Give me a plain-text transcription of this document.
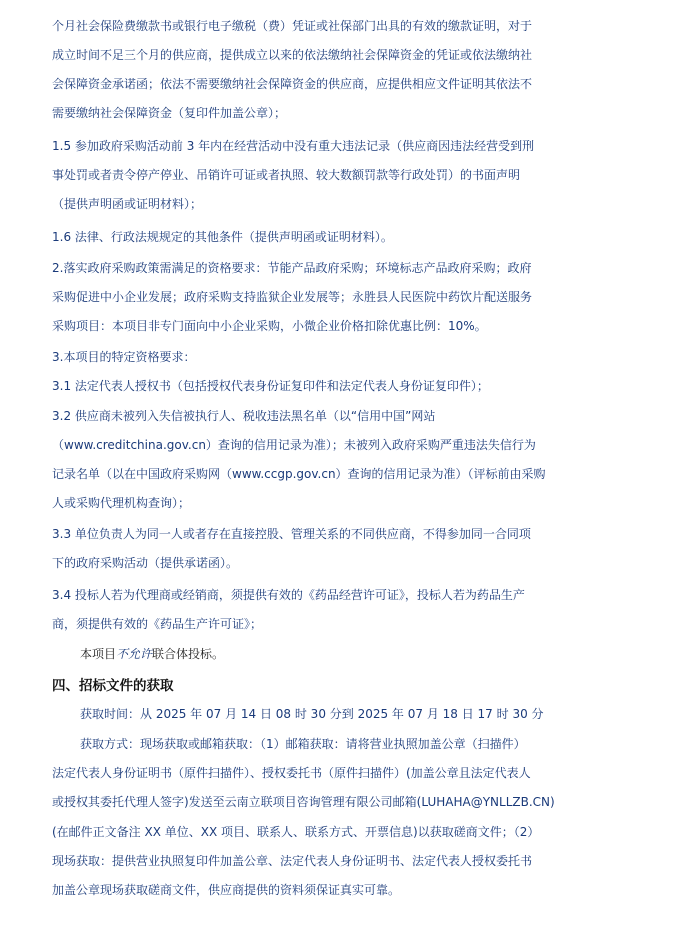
个月社会保险费缴款书或银行电子缴税（费）凭证或社保部门出具的有效的缴款证明，对于
成立时间不足三个月的供应商，提供成立以来的依法缴纳社会保障资金的凭证或依法缴纳社
会保障资金承诺函；依法不需要缴纳社会保障资金的供应商，应提供相应文件证明其依法不
需要缴纳社会保障资金（复印件加盖公章）；
1.5 参加政府采购活动前 3 年内在经营活动中没有重大违法记录（供应商因违法经营受到刑
事处罚或者责令停产停业、吊销许可证或者执照、较大数额罚款等行政处罚）的书面声明
（提供声明函或证明材料）；
1.6 法律、行政法规规定的其他条件（提供声明函或证明材料）。
2.落实政府采购政策需满足的资格要求：节能产品政府采购；环境标志产品政府采购；政府
采购促进中小企业发展；政府采购支持监狱企业发展等；永胜县人民医院中药饮片配送服务
采购项目：本项目非专门面向中小企业采购，小微企业价格扣除优惠比例：10%。
3.本项目的特定资格要求：
3.1 法定代表人授权书（包括授权代表身份证复印件和法定代表人身份证复印件）；
3.2 供应商未被列入失信被执行人、税收违法黑名单（以“信用中国”网站
（www.creditchina.gov.cn）查询的信用记录为准）；未被列入政府采购严重违法失信行为
记录名单（以在中国政府采购网（www.ccgp.gov.cn）查询的信用记录为准）（评标前由采购
人或采购代理机构查询）；
3.3 单位负责人为同一人或者存在直接控股、管理关系的不同供应商，不得参加同一合同项
下的政府采购活动（提供承诺函）。
3.4 投标人若为代理商或经销商，须提供有效的《药品经营许可证》，投标人若为药品生产
商，须提供有效的《药品生产许可证》；
本项目不允许联合体投标。
四、招标文件的获取
获取时间：从 2025 年 07 月 14 日 08 时 30 分到 2025 年 07 月 18 日 17 时 30 分
获取方式：现场获取或邮箱获取：（1）邮箱获取：请将营业执照加盖公章（扫描件）
法定代表人身份证明书（原件扫描件）、授权委托书（原件扫描件）(加盖公章且法定代表人
或授权其委托代理人签字)发送至云南立联项目咨询管理有限公司邮箱(LUHAHA@YNLLZB.CN)
(在邮件正文备注 XX 单位、XX 项目、联系人、联系方式、开票信息)以获取磋商文件；（2）
现场获取：提供营业执照复印件加盖公章、法定代表人身份证明书、法定代表人授权委托书
加盖公章现场获取磋商文件，供应商提供的资料须保证真实可靠。
